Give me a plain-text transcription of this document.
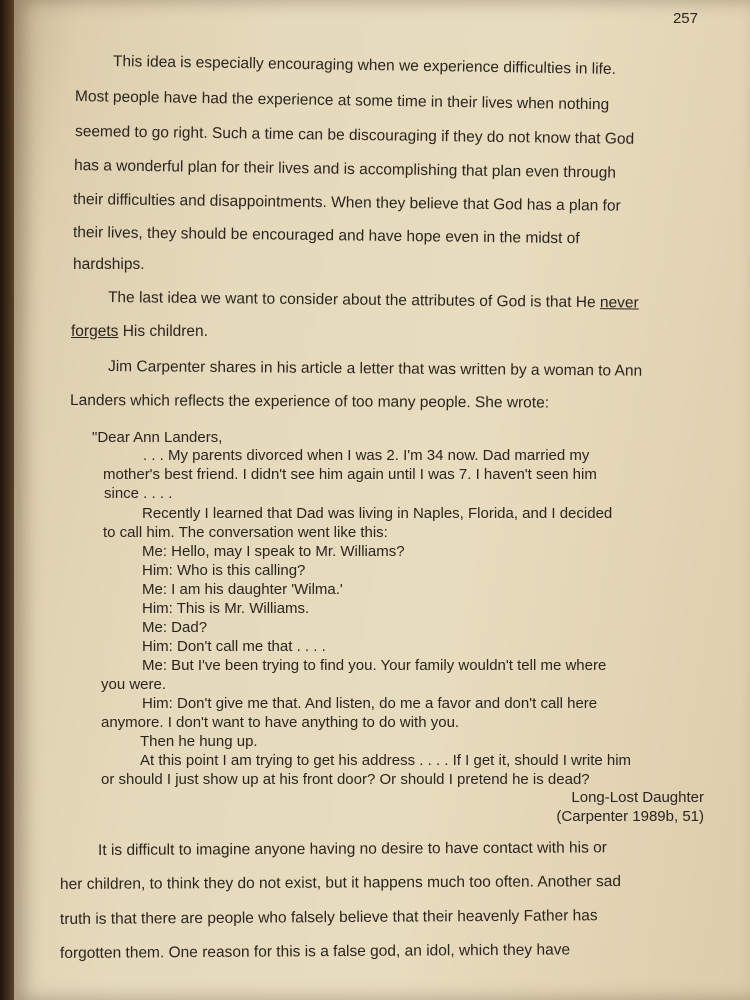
257
This idea is especially encouraging when we experience difficulties in life.
Most people have had the experience at some time in their lives when nothing
seemed to go right. Such a time can be discouraging if they do not know that God
has a wonderful plan for their lives and is accomplishing that plan even through
their difficulties and disappointments. When they believe that God has a plan for
their lives, they should be encouraged and have hope even in the midst of
hardships.
The last idea we want to consider about the attributes of God is that He never
forgets His children.
Jim Carpenter shares in his article a letter that was written by a woman to Ann
Landers which reflects the experience of too many people. She wrote:
"Dear Ann Landers,
. . . My parents divorced when I was 2. I'm 34 now. Dad married my
mother's best friend. I didn't see him again until I was 7. I haven't seen him
since . . . .
Recently I learned that Dad was living in Naples, Florida, and I decided
to call him. The conversation went like this:
Me: Hello, may I speak to Mr. Williams?
Him: Who is this calling?
Me: I am his daughter 'Wilma.'
Him: This is Mr. Williams.
Me: Dad?
Him: Don't call me that . . . .
Me: But I've been trying to find you. Your family wouldn't tell me where
you were.
Him: Don't give me that. And listen, do me a favor and don't call here
anymore. I don't want to have anything to do with you.
Then he hung up.
At this point I am trying to get his address . . . . If I get it, should I write him
or should I just show up at his front door? Or should I pretend he is dead?
Long-Lost Daughter
(Carpenter 1989b, 51)
It is difficult to imagine anyone having no desire to have contact with his or
her children, to think they do not exist, but it happens much too often. Another sad
truth is that there are people who falsely believe that their heavenly Father has
forgotten them. One reason for this is a false god, an idol, which they have
